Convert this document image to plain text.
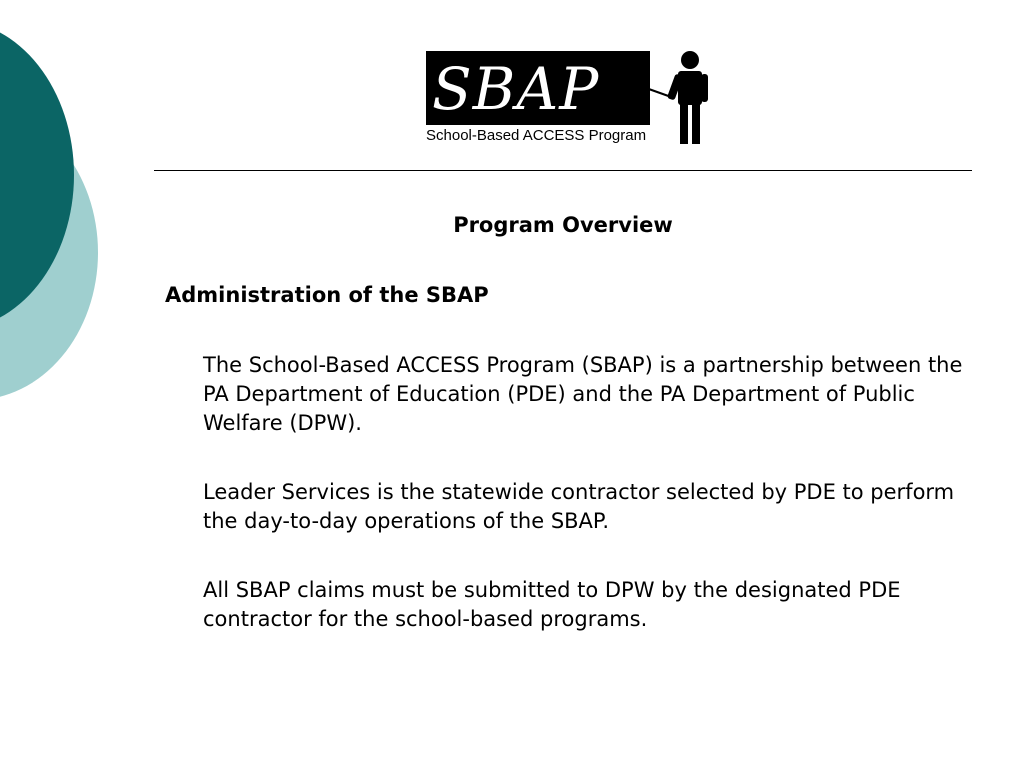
SBAP
School-Based ACCESS Program
Program Overview
Administration of the SBAP
The School-Based ACCESS Program (SBAP) is a partnership between the PA Department of Education (PDE) and the PA Department of Public Welfare (DPW).
Leader Services is the statewide contractor selected by PDE to perform the day-to-day operations of the SBAP.
All SBAP claims must be submitted to DPW by the designated PDE contractor for the school-based programs.
